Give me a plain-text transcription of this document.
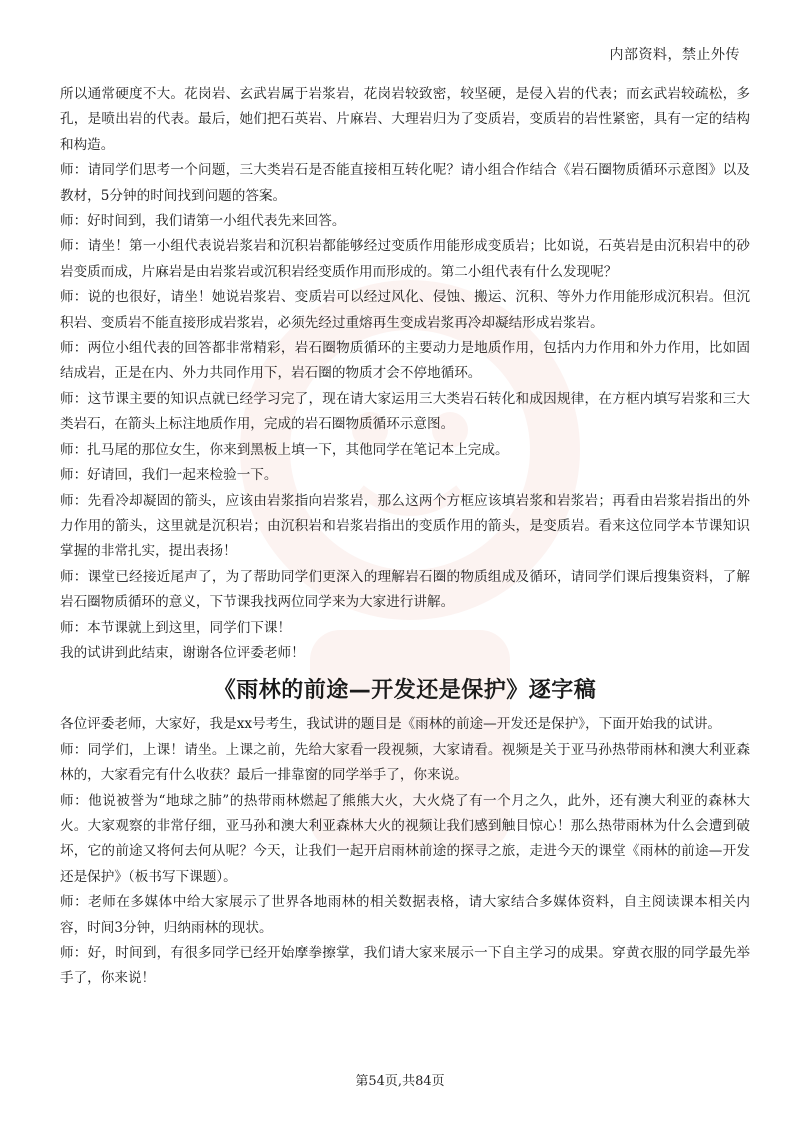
内部资料，禁止外传

所以通常硬度不大。花岗岩、玄武岩属于岩浆岩，花岗岩较致密，较坚硬，是侵入岩的代表；而玄武岩较疏松，多孔，是喷出岩的代表。最后，她们把石英岩、片麻岩、大理岩归为了变质岩，变质岩的岩性紧密，具有一定的结构和构造。

师：请同学们思考一个问题，三大类岩石是否能直接相互转化呢？请小组合作结合《岩石圈物质循环示意图》以及教材，5分钟的时间找到问题的答案。

师：好时间到，我们请第一小组代表先来回答。

师：请坐！第一小组代表说岩浆岩和沉积岩都能够经过变质作用能形成变质岩；比如说，石英岩是由沉积岩中的砂岩变质而成，片麻岩是由岩浆岩或沉积岩经变质作用而形成的。第二小组代表有什么发现呢？

师：说的也很好，请坐！她说岩浆岩、变质岩可以经过风化、侵蚀、搬运、沉积、等外力作用能形成沉积岩。但沉积岩、变质岩不能直接形成岩浆岩，必须先经过重熔再生变成岩浆再冷却凝结形成岩浆岩。

师：两位小组代表的回答都非常精彩，岩石圈物质循环的主要动力是地质作用，包括内力作用和外力作用，比如固结成岩，正是在内、外力共同作用下，岩石圈的物质才会不停地循环。

师：这节课主要的知识点就已经学习完了，现在请大家运用三大类岩石转化和成因规律，在方框内填写岩浆和三大类岩石，在箭头上标注地质作用，完成的岩石圈物质循环示意图。

师：扎马尾的那位女生，你来到黑板上填一下，其他同学在笔记本上完成。

师：好请回，我们一起来检验一下。

师：先看冷却凝固的箭头，应该由岩浆指向岩浆岩，那么这两个方框应该填岩浆和岩浆岩；再看由岩浆岩指出的外力作用的箭头，这里就是沉积岩；由沉积岩和岩浆岩指出的变质作用的箭头，是变质岩。看来这位同学本节课知识掌握的非常扎实，提出表扬！

师：课堂已经接近尾声了，为了帮助同学们更深入的理解岩石圈的物质组成及循环，请同学们课后搜集资料，了解岩石圈物质循环的意义，下节课我找两位同学来为大家进行讲解。

师：本节课就上到这里，同学们下课！

我的试讲到此结束，谢谢各位评委老师！

《雨林的前途—开发还是保护》逐字稿

各位评委老师，大家好，我是xx号考生，我试讲的题目是《雨林的前途—开发还是保护》，下面开始我的试讲。

师：同学们，上课！请坐。上课之前，先给大家看一段视频，大家请看。视频是关于亚马孙热带雨林和澳大利亚森林的，大家看完有什么收获？最后一排靠窗的同学举手了，你来说。

师：他说被誉为“地球之肺”的热带雨林燃起了熊熊大火，大火烧了有一个月之久，此外，还有澳大利亚的森林大火。大家观察的非常仔细，亚马孙和澳大利亚森林大火的视频让我们感到触目惊心！那么热带雨林为什么会遭到破坏，它的前途又将何去何从呢？今天，让我们一起开启雨林前途的探寻之旅，走进今天的课堂《雨林的前途—开发还是保护》（板书写下课题）。

师：老师在多媒体中给大家展示了世界各地雨林的相关数据表格，请大家结合多媒体资料，自主阅读课本相关内容，时间3分钟，归纳雨林的现状。

师：好，时间到，有很多同学已经开始摩拳擦掌，我们请大家来展示一下自主学习的成果。穿黄衣服的同学最先举手了，你来说！

第54页,共84页
